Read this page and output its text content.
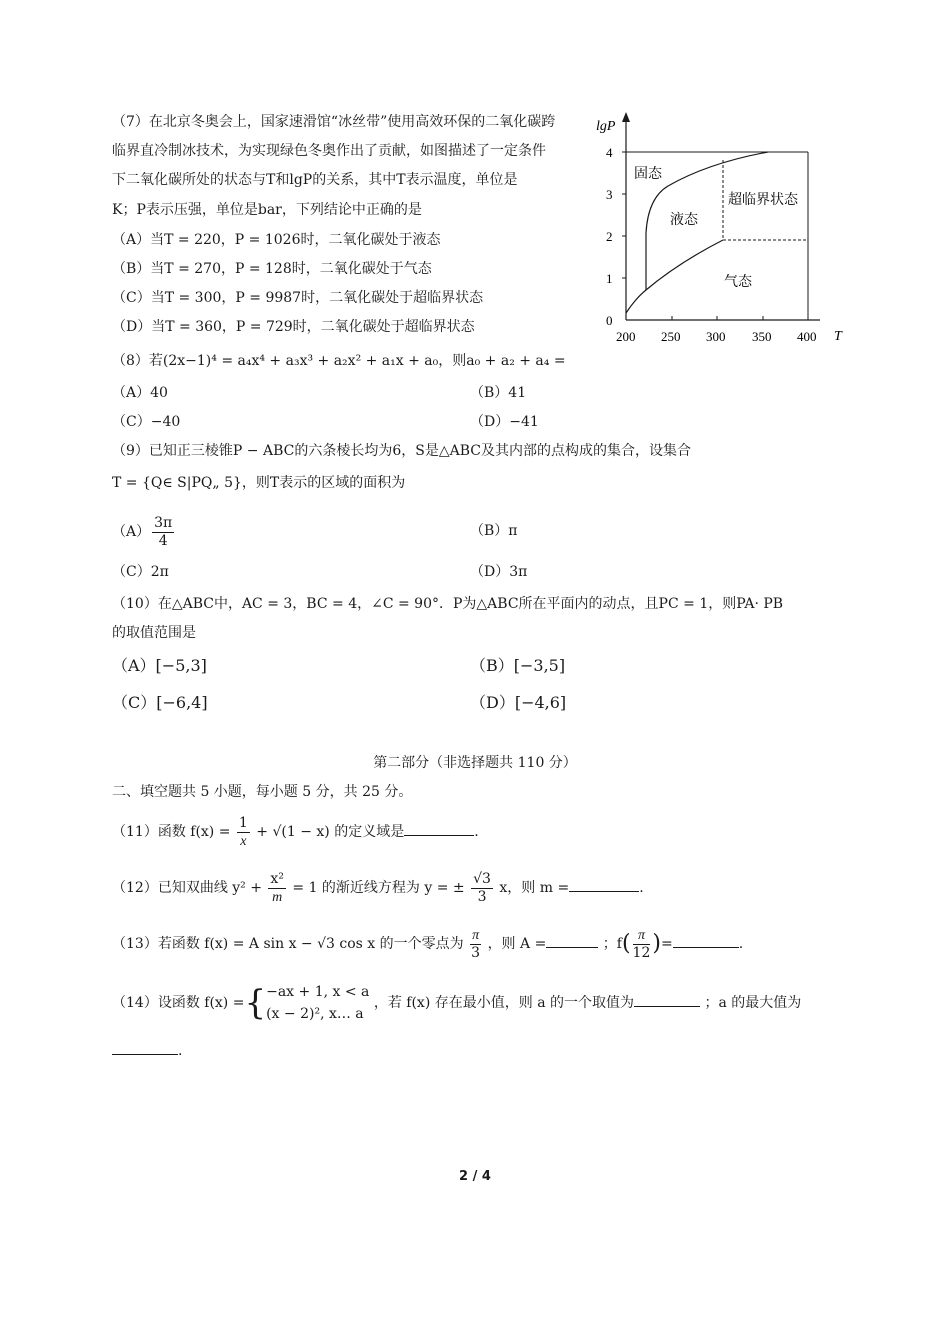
（7）在北京冬奥会上，国家速滑馆“冰丝带”使用高效环保的二氧化碳跨
临界直冷制冰技术，为实现绿色冬奥作出了贡献，如图描述了一定条件
下二氧化碳所处的状态与T和lgP的关系，其中T表示温度，单位是
K；P表示压强，单位是bar，下列结论中正确的是
（A）当T = 220，P = 1026时，二氧化碳处于液态
（B）当T = 270，P = 128时，二氧化碳处于气态
（C）当T = 300，P = 9987时，二氧化碳处于超临界状态
（D）当T = 360，P = 729时，二氧化碳处于超临界状态
lgP
T
4
3
2
1
0
200 250 300 350 400
固态
液态
超临界状态
气态
（8）若(2x−1)⁴ = a₄x⁴ + a₃x³ + a₂x² + a₁x + a₀，则a₀ + a₂ + a₄ =
（A）40	（B）41
（C）−40	（D）−41
（9）已知正三棱锥P − ABC的六条棱长均为6，S是△ABC及其内部的点构成的集合，设集合
T = {Q∈ S|PQ„ 5}，则T表示的区域的面积为
$(A) \frac{3\pi}{4}$	（B）π
（C）2π	（D）3π
（10）在△ABC中，AC = 3，BC = 4，∠C = 90°．P为△ABC所在平面内的动点，且PC = 1，则PA· PB
的取值范围是
（A）[−5,3]	（B）[−3,5]
（C）[−6,4]	（D）[−4,6]
第二部分（非选择题共 110 分）
二、填空题共 5 小题，每小题 5 分，共 25 分。
（11）函数 $f(x) = \frac{1}{x} + √(1 - x)$ 的定义域是	.
（12）已知双曲线 $y^2 + \frac{\text{x²}}{m} = 1$ 的渐近线方程为 y = ± $\frac{√3}{3}$ x，则 m =	.
（13）若函数 f(x) = A sin x − √3 cos x 的一个零点为 $\frac{\pi}{3}$ ，则 A =	；$f( \frac{\pi}{12}$ )=	.
（14）设函数 f(x) ={ −ax + 1, x < a
(x − 2)², x… a
，若 f(x) 存在最小值，则 a 的一个取值为	；a 的最大值为
.
2 / 4
